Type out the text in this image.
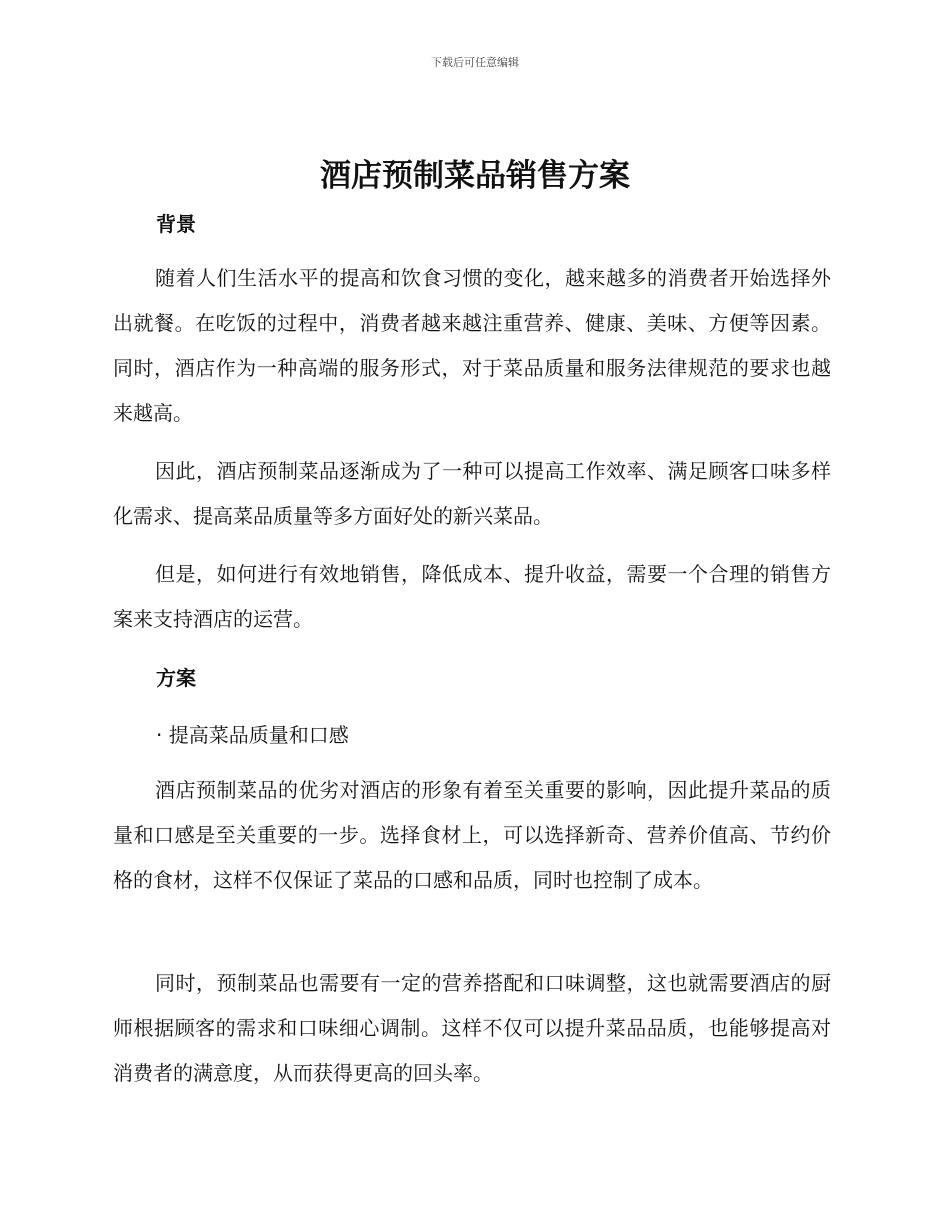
下载后可任意编辑
酒店预制菜品销售方案
背景

随着人们生活水平的提高和饮食习惯的变化，越来越多的消费者开始选择外出就餐。在吃饭的过程中，消费者越来越注重营养、健康、美味、方便等因素。同时，酒店作为一种高端的服务形式，对于菜品质量和服务法律规范的要求也越来越高。

因此，酒店预制菜品逐渐成为了一种可以提高工作效率、满足顾客口味多样化需求、提高菜品质量等多方面好处的新兴菜品。

但是，如何进行有效地销售，降低成本、提升收益，需要一个合理的销售方案来支持酒店的运营。

方案

· 提高菜品质量和口感

酒店预制菜品的优劣对酒店的形象有着至关重要的影响，因此提升菜品的质量和口感是至关重要的一步。选择食材上，可以选择新奇、营养价值高、节约价格的食材，这样不仅保证了菜品的口感和品质，同时也控制了成本。

同时，预制菜品也需要有一定的营养搭配和口味调整，这也就需要酒店的厨师根据顾客的需求和口味细心调制。这样不仅可以提升菜品品质，也能够提高对消费者的满意度，从而获得更高的回头率。
